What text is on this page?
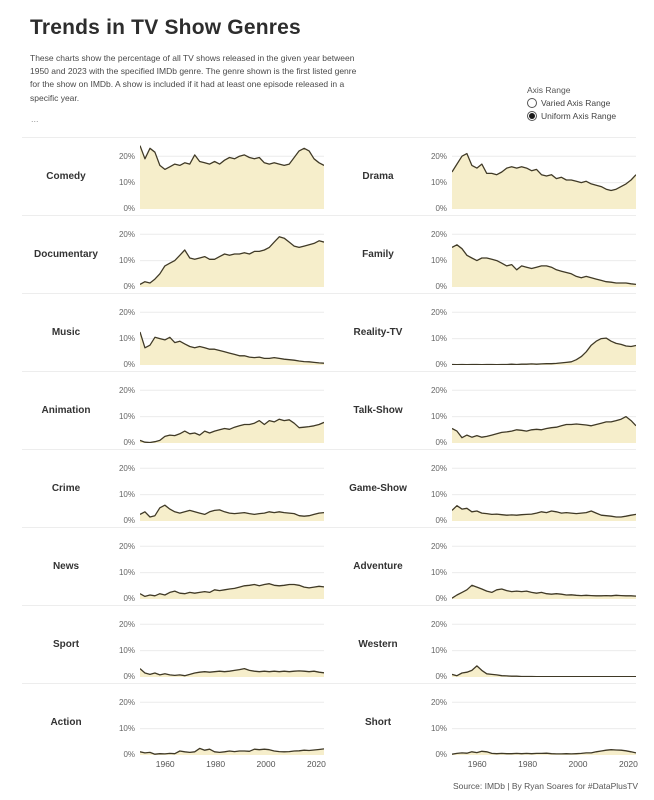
Trends in TV Show Genres

These charts show the percentage of all TV shows released in the given year between 1950 and 2023 with the specified IMDb genre. The genre shown is the first listed genre for the show on IMDb. A show is included if it had at least one episode released in a specific year.

...
Axis Range
Varied Axis Range
Uniform Axis Range
Comedy
20%
10%
0%
Drama
20%
10%
0%
Documentary
20%
10%
0%
Family
20%
10%
0%
Music
20%
10%
0%
Reality-TV
20%
10%
0%
Animation
20%
10%
0%
Talk-Show
20%
10%
0%
Crime
20%
10%
0%
Game-Show
20%
10%
0%
News
20%
10%
0%
Adventure
20%
10%
0%
Sport
20%
10%
0%
Western
20%
10%
0%
Action
20%
10%
0%
1960	1980	2000	2020
Short
20%
10%
0%
1960	1980	2000	2020
Source: IMDb | By Ryan Soares for #DataPlusTV
